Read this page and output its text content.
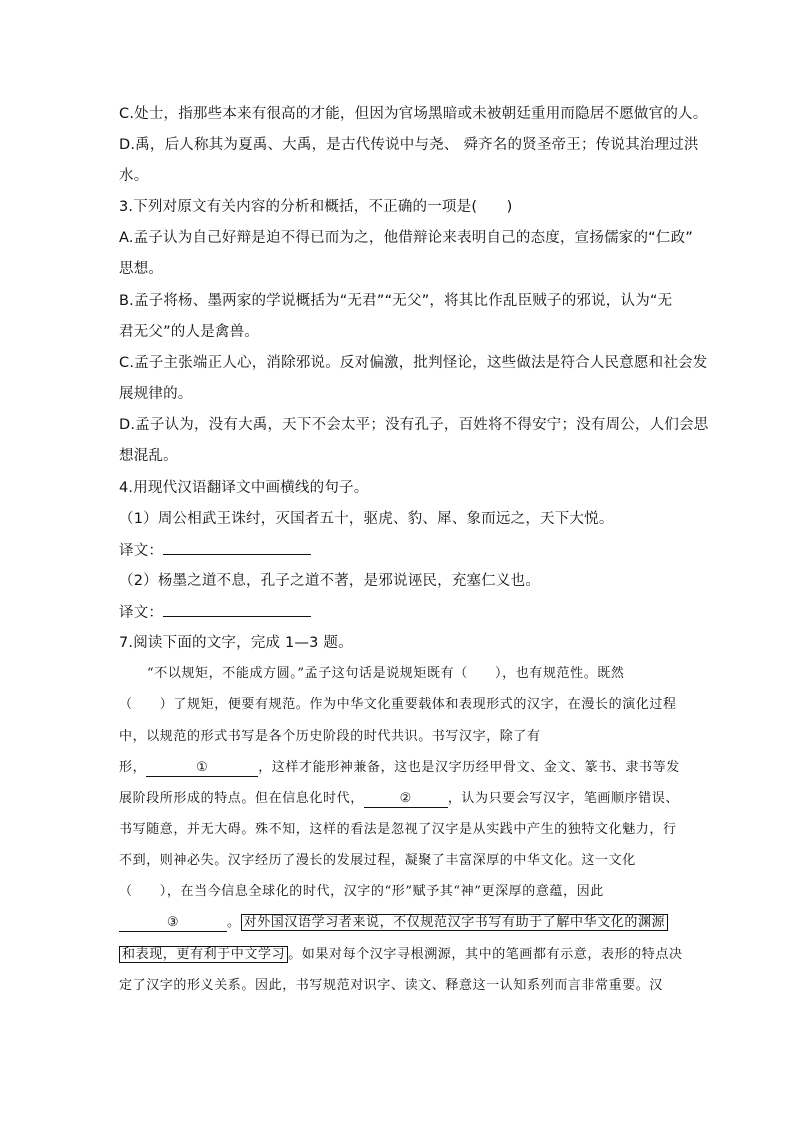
C.处士，指那些本来有很高的才能，但因为官场黑暗或未被朝廷重用而隐居不愿做官的人。
D.禹，后人称其为夏禹、大禹，是古代传说中与尧、 舜齐名的贤圣帝王；传说其治理过洪
水。
3.下列对原文有关内容的分析和概括，不正确的一项是(　　)
A.孟子认为自己好辩是迫不得已而为之，他借辩论来表明自己的态度，宣扬儒家的“仁政”
思想。
B.孟子将杨、墨两家的学说概括为“无君”“无父”，将其比作乱臣贼子的邪说，认为“无
君无父”的人是禽兽。
C.孟子主张端正人心，消除邪说。反对偏激，批判怪论，这些做法是符合人民意愿和社会发
展规律的。
D.孟子认为，没有大禹，天下不会太平；没有孔子，百姓将不得安宁；没有周公，人们会思
想混乱。
4.用现代汉语翻译文中画横线的句子。
（1）周公相武王诛纣，灭国者五十，驱虎、豹、犀、象而远之，天下大悦。
译文：
（2）杨墨之道不息，孔子之道不著，是邪说诬民，充塞仁义也。
译文：
7.阅读下面的文字，完成 1—3 题。
“不以规矩，不能成方圆。”孟子这句话是说规矩既有（　　），也有规范性。既然
（　　）了规矩，便要有规范。作为中华文化重要载体和表现形式的汉字，在漫长的演化过程
中，以规范的形式书写是各个历史阶段的时代共识。书写汉字，除了有
形，	①	，这样才能形神兼备，这也是汉字历经甲骨文、金文、篆书、隶书等发
展阶段所形成的特点。但在信息化时代，	②	，认为只要会写汉字，笔画顺序错误、
书写随意，并无大碍。殊不知，这样的看法是忽视了汉字是从实践中产生的独特文化魅力，行
不到，则神必失。汉字经历了漫长的发展过程，凝聚了丰富深厚的中华文化。这一文化
（　　），在当今信息全球化的时代，汉字的“形”赋予其“神”更深厚的意蕴，因此
③	。 对外国汉语学习者来说，不仅规范汉字书写有助于了解中华文化的渊源
和表现，更有利于中文学习 。如果对每个汉字寻根溯源，其中的笔画都有示意，表形的特点决
定了汉字的形义关系。因此，书写规范对识字、读文、释意这一认知系列而言非常重要。汉
